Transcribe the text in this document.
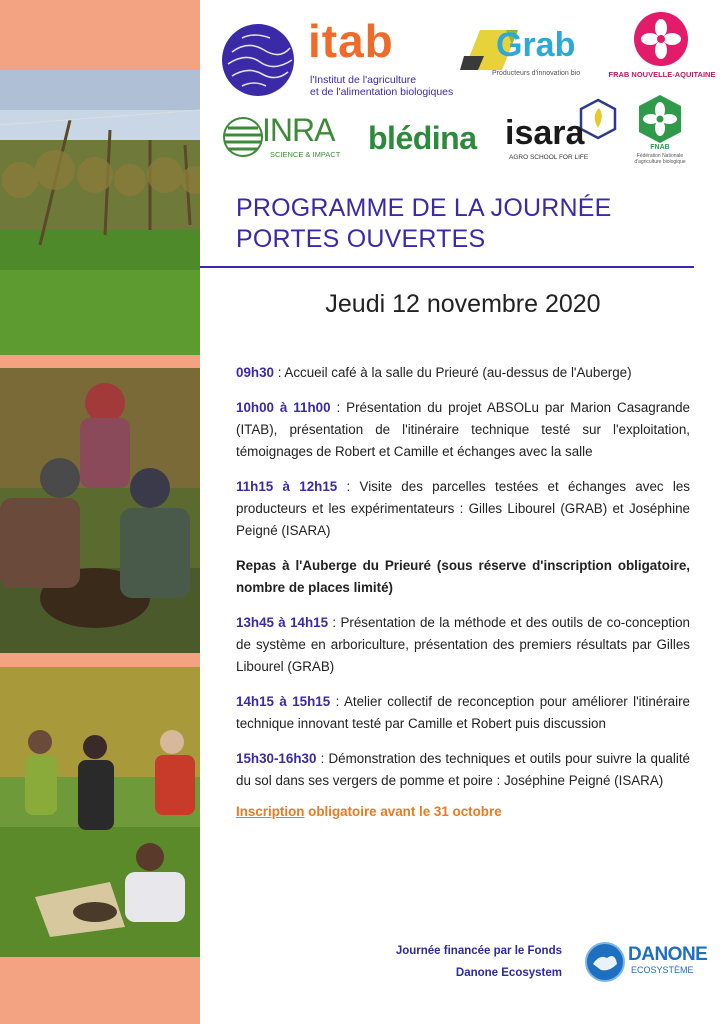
itab
l'Institut de l'agriculture
et de l'alimentation biologiques
Grab
Producteurs d'innovation bio	FRAB NOUVELLE-AQUITAINE
INRA
SCIENCE & IMPACT blédina isara
AGRO SCHOOL FOR LIFE
FNAB
Fédération Nationale
d'agriculture biologique
PROGRAMME DE LA JOURNÉE PORTES OUVERTES
Jeudi 12 novembre 2020
09h30 : Accueil café à la salle du Prieuré (au-dessus de l'Auberge)
10h00 à 11h00 : Présentation du projet ABSOLu par Marion Casagrande (ITAB), présentation de l'itinéraire technique testé sur l'exploitation, témoignages de Robert et Camille et échanges avec la salle
11h15 à 12h15 : Visite des parcelles testées et échanges avec les producteurs et les expérimentateurs : Gilles Libourel (GRAB) et Joséphine Peigné (ISARA)
Repas à l'Auberge du Prieuré (sous réserve d'inscription obligatoire, nombre de places limité)
13h45 à 14h15 : Présentation de la méthode et des outils de co-conception de système en arboriculture, présentation des premiers résultats par Gilles Libourel (GRAB)
14h15 à 15h15 : Atelier collectif de reconception pour améliorer l'itinéraire technique innovant testé par Camille et Robert puis discussion
15h30-16h30 : Démonstration des techniques et outils pour suivre la qualité du sol dans ses vergers de pomme et poire : Joséphine Peigné (ISARA)
Inscription obligatoire avant le 31 octobre
Journée financée par le Fonds
Danone Ecosystem
DANONE
ECOSYSTÈME
